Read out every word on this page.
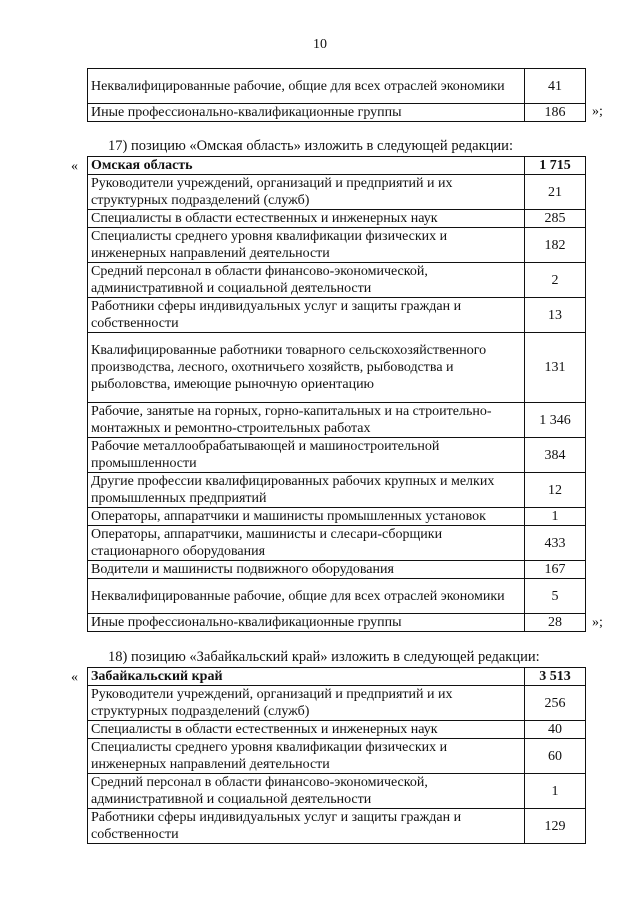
10
Неквалифицированные рабочие, общие для всех отраслей экономики	41
Иные профессионально-квалификационные группы	186 »;
17) позицию «Омская область» изложить в следующей редакции:
« Омская область	1 715
Руководители учреждений, организаций и предприятий и их структурных подразделений (служб)	21
Специалисты в области естественных и инженерных наук	285
Специалисты среднего уровня квалификации физических и инженерных направлений деятельности	182
Средний персонал в области финансово-экономической, административной и социальной деятельности	2
Работники сферы индивидуальных услуг и защиты граждан и собственности	13
Квалифицированные работники товарного сельскохозяйственного производства, лесного, охотничьего хозяйств, рыбоводства и рыболовства, имеющие рыночную ориентацию	131
Рабочие, занятые на горных, горно-капитальных и на строительно-монтажных и ремонтно-строительных работах	1 346
Рабочие металлообрабатывающей и машиностроительной промышленности	384
Другие профессии квалифицированных рабочих крупных и мелких промышленных предприятий	12
Операторы, аппаратчики и машинисты промышленных установок	1
Операторы, аппаратчики, машинисты и слесари-сборщики стационарного оборудования	433
Водители и машинисты подвижного оборудования	167
Неквалифицированные рабочие, общие для всех отраслей экономики	5
Иные профессионально-квалификационные группы	28 »;
18) позицию «Забайкальский край» изложить в следующей редакции:
« Забайкальский край	3 513
Руководители учреждений, организаций и предприятий и их структурных подразделений (служб)	256
Специалисты в области естественных и инженерных наук	40
Специалисты среднего уровня квалификации физических и инженерных направлений деятельности	60
Средний персонал в области финансово-экономической, административной и социальной деятельности	1
Работники сферы индивидуальных услуг и защиты граждан и собственности	129
